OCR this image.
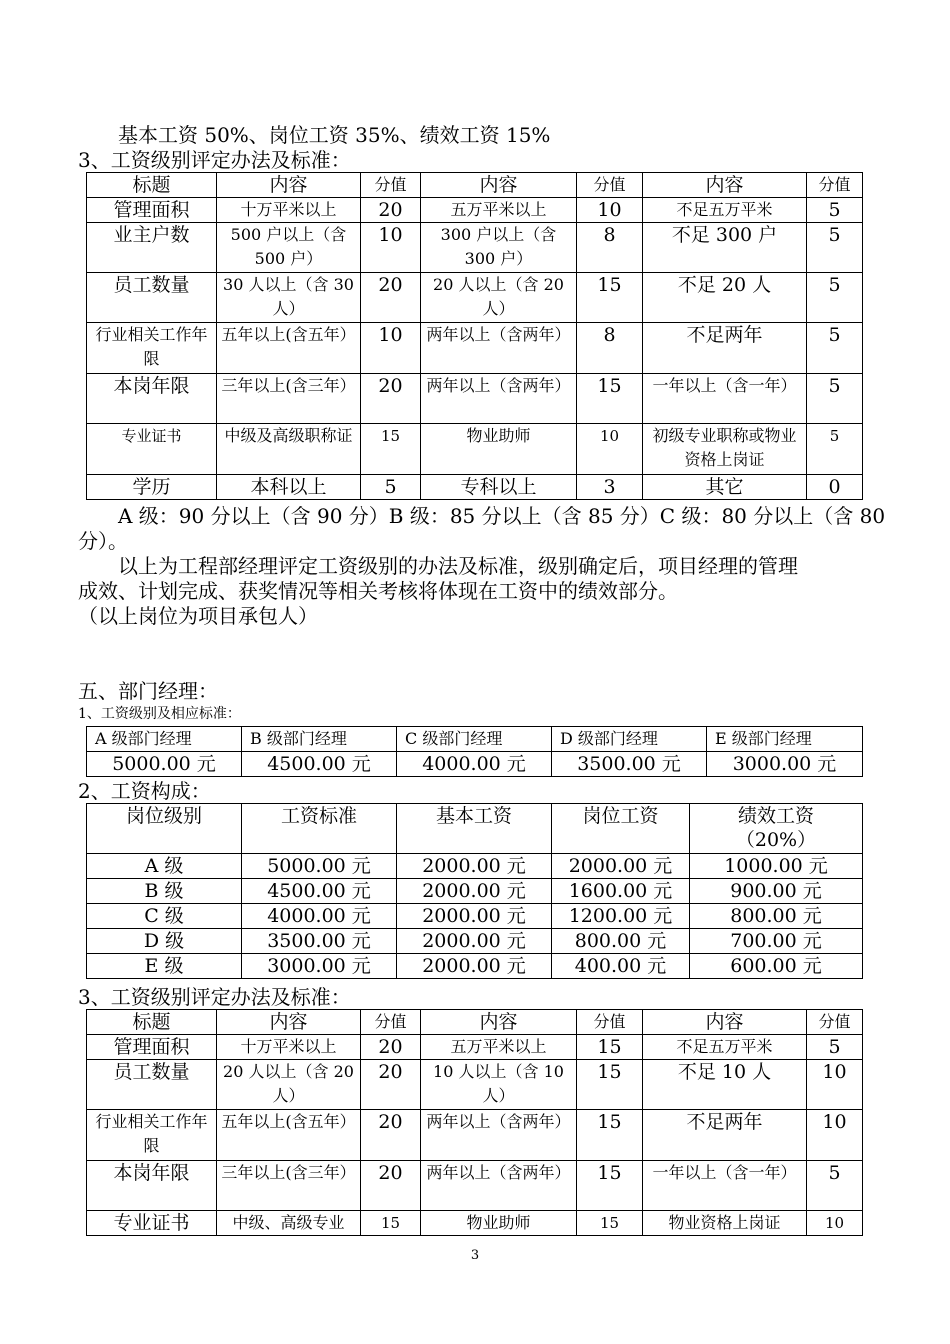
基本工资 50%、岗位工资 35%、绩效工资 15%
3、工资级别评定办法及标准：
标题	内容	分值	内容	分值	内容	分值
管理面积	十万平米以上	20	五万平米以上	10	不足五万平米	5
业主户数	500 户以上（含 500 户）	10	300 户以上（含 300 户）	8	不足 300 户	5
员工数量	30 人以上（含 30 人）	20	20 人以上（含 20 人）	15	不足 20 人	5
行业相关工作年限	五年以上(含五年）	10	两年以上（含两年）	8	不足两年	5
本岗年限	三年以上(含三年）	20	两年以上（含两年）	15	一年以上（含一年）	5
专业证书	中级及高级职称证	15	物业助师	10	初级专业职称或物业资格上岗证	5
学历	本科以上	5	专科以上	3	其它	0
A 级：90 分以上（含 90 分）B 级：85 分以上（含 85 分）C 级：80 分以上（含 80
分）。
以上为工程部经理评定工资级别的办法及标准，级别确定后，项目经理的管理
成效、计划完成、获奖情况等相关考核将体现在工资中的绩效部分。
（以上岗位为项目承包人）
五、部门经理：
1、工资级别及相应标准：
A 级部门经理	B 级部门经理	C 级部门经理	D 级部门经理	E 级部门经理
5000.00 元	4500.00 元	4000.00 元	3500.00 元	3000.00 元
2、工资构成：
岗位级别	工资标准	基本工资	岗位工资	绩效工资（20%）
A 级	5000.00 元	2000.00 元	2000.00 元	1000.00 元
B 级	4500.00 元	2000.00 元	1600.00 元	900.00 元
C 级	4000.00 元	2000.00 元	1200.00 元	800.00 元
D 级	3500.00 元	2000.00 元	800.00 元	700.00 元
E 级	3000.00 元	2000.00 元	400.00 元	600.00 元
3、工资级别评定办法及标准：
标题	内容	分值	内容	分值	内容	分值
管理面积	十万平米以上	20	五万平米以上	15	不足五万平米	5
员工数量	20 人以上（含 20 人）	20	10 人以上（含 10 人）	15	不足 10 人	10
行业相关工作年限	五年以上(含五年）	20	两年以上（含两年）	15	不足两年	10
本岗年限	三年以上(含三年）	20	两年以上（含两年）	15	一年以上（含一年）	5
专业证书	中级、高级专业	15	物业助师	15	物业资格上岗证	10
3
